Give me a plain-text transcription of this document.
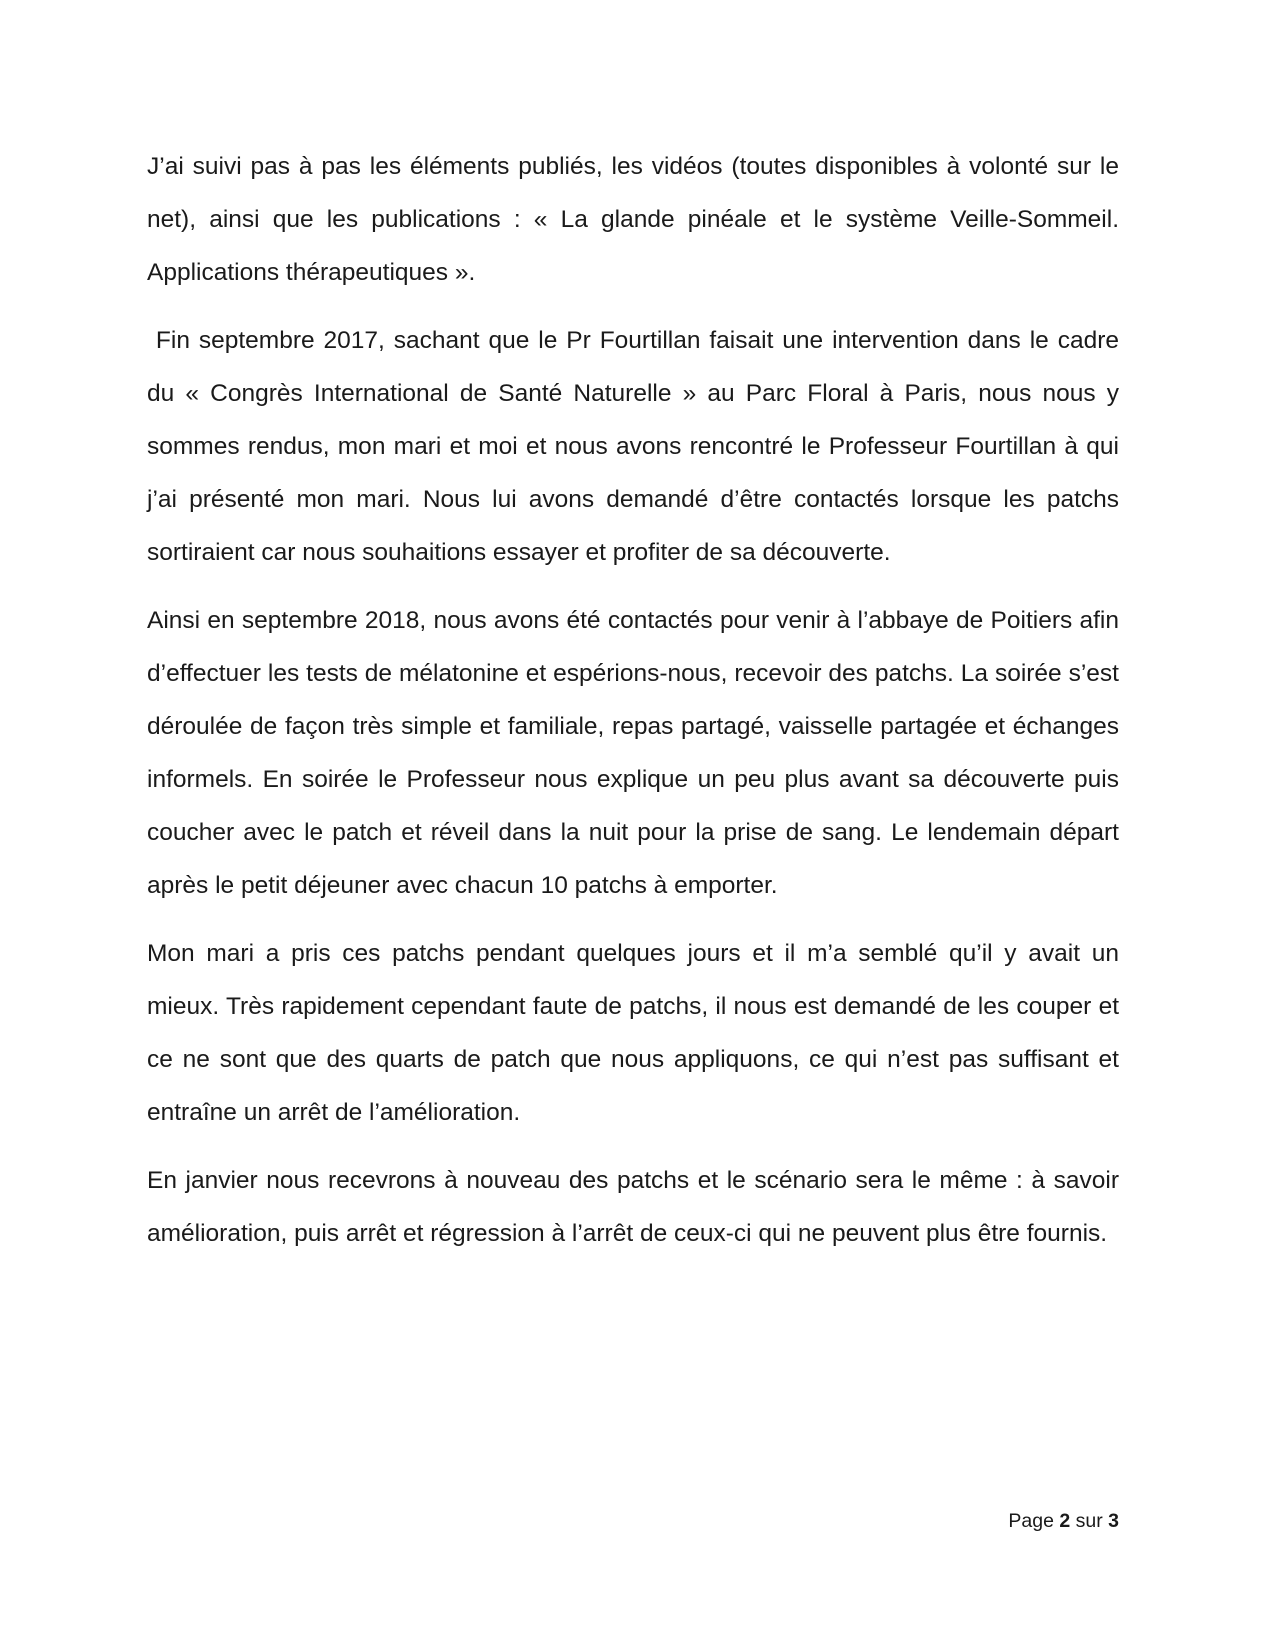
J’ai suivi pas à pas les éléments publiés, les vidéos (toutes disponibles à volonté sur le net), ainsi que les publications : « La glande pinéale et le système Veille-Sommeil. Applications thérapeutiques ».

Fin septembre 2017, sachant que le Pr Fourtillan faisait une intervention dans le cadre du « Congrès International de Santé Naturelle » au Parc Floral à Paris, nous nous y sommes rendus, mon mari et moi et nous avons rencontré le Professeur Fourtillan à qui j’ai présenté mon mari. Nous lui avons demandé d’être contactés lorsque les patchs sortiraient car nous souhaitions essayer et profiter de sa découverte.

Ainsi en septembre 2018, nous avons été contactés pour venir à l’abbaye de Poitiers afin d’effectuer les tests de mélatonine et espérions-nous, recevoir des patchs. La soirée s’est déroulée de façon très simple et familiale, repas partagé, vaisselle partagée et échanges informels. En soirée le Professeur nous explique un peu plus avant sa découverte puis coucher avec le patch et réveil dans la nuit pour la prise de sang. Le lendemain départ après le petit déjeuner avec chacun 10 patchs à emporter.

Mon mari a pris ces patchs pendant quelques jours et il m’a semblé qu’il y avait un mieux. Très rapidement cependant faute de patchs, il nous est demandé de les couper et ce ne sont que des quarts de patch que nous appliquons, ce qui n’est pas suffisant et entraîne un arrêt de l’amélioration.

En janvier nous recevrons à nouveau des patchs et le scénario sera le même : à savoir amélioration, puis arrêt et régression à l’arrêt de ceux-ci qui ne peuvent plus être fournis.

Page 2 sur 3
